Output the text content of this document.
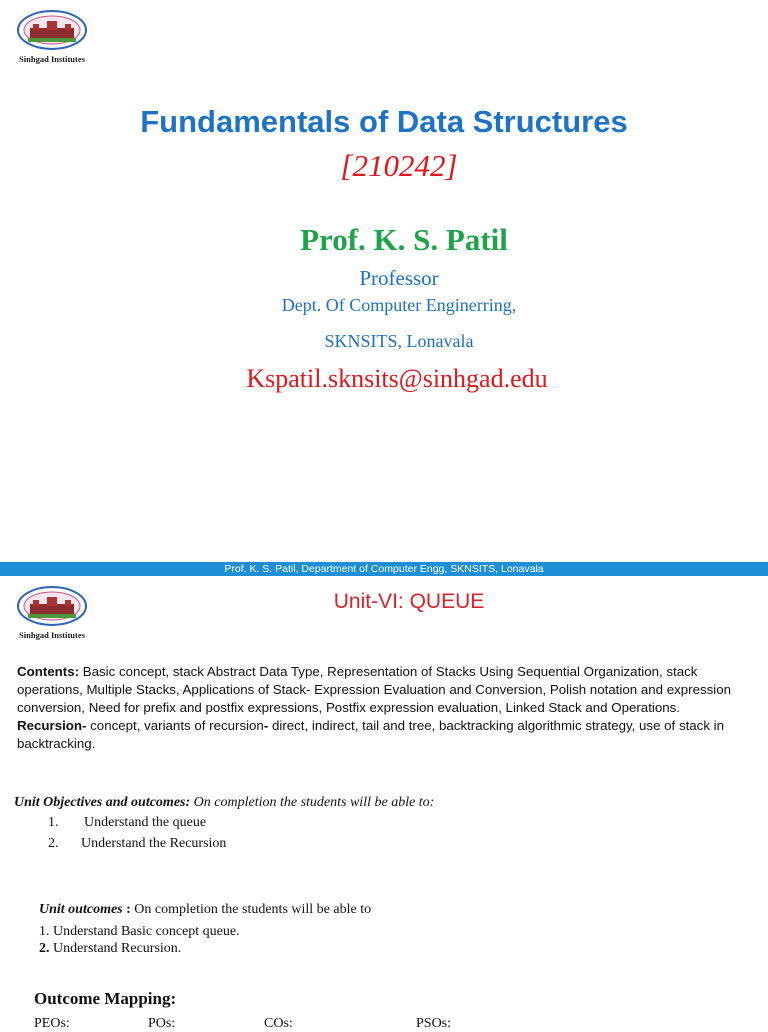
Sinhgad Institutes
Fundamentals of Data Structures
[210242]
Prof. K. S. Patil
Professor
Dept. Of Computer Enginerring,
SKNSITS, Lonavala
Kspatil.sknsits@sinhgad.edu
Prof. K. S. Patil, Department of Computer Engg, SKNSITS, Lonavala
Sinhgad Institutes
Unit-VI: QUEUE
Contents: Basic concept, stack Abstract Data Type, Representation of Stacks Using Sequential Organization, stack operations, Multiple Stacks, Applications of Stack- Expression Evaluation and Conversion, Polish notation and expression conversion, Need for prefix and postfix expressions, Postfix expression evaluation, Linked Stack and Operations.
Recursion- concept, variants of recursion- direct, indirect, tail and tree, backtracking algorithmic strategy, use of stack in backtracking.
Unit Objectives and outcomes: On completion the students will be able to:
1. Understand the queue
2. Understand the Recursion
Unit outcomes : On completion the students will be able to
1. Understand Basic concept queue.
2. Understand Recursion.
Outcome Mapping:
PEOs:	POs:	COs:	PSOs:
